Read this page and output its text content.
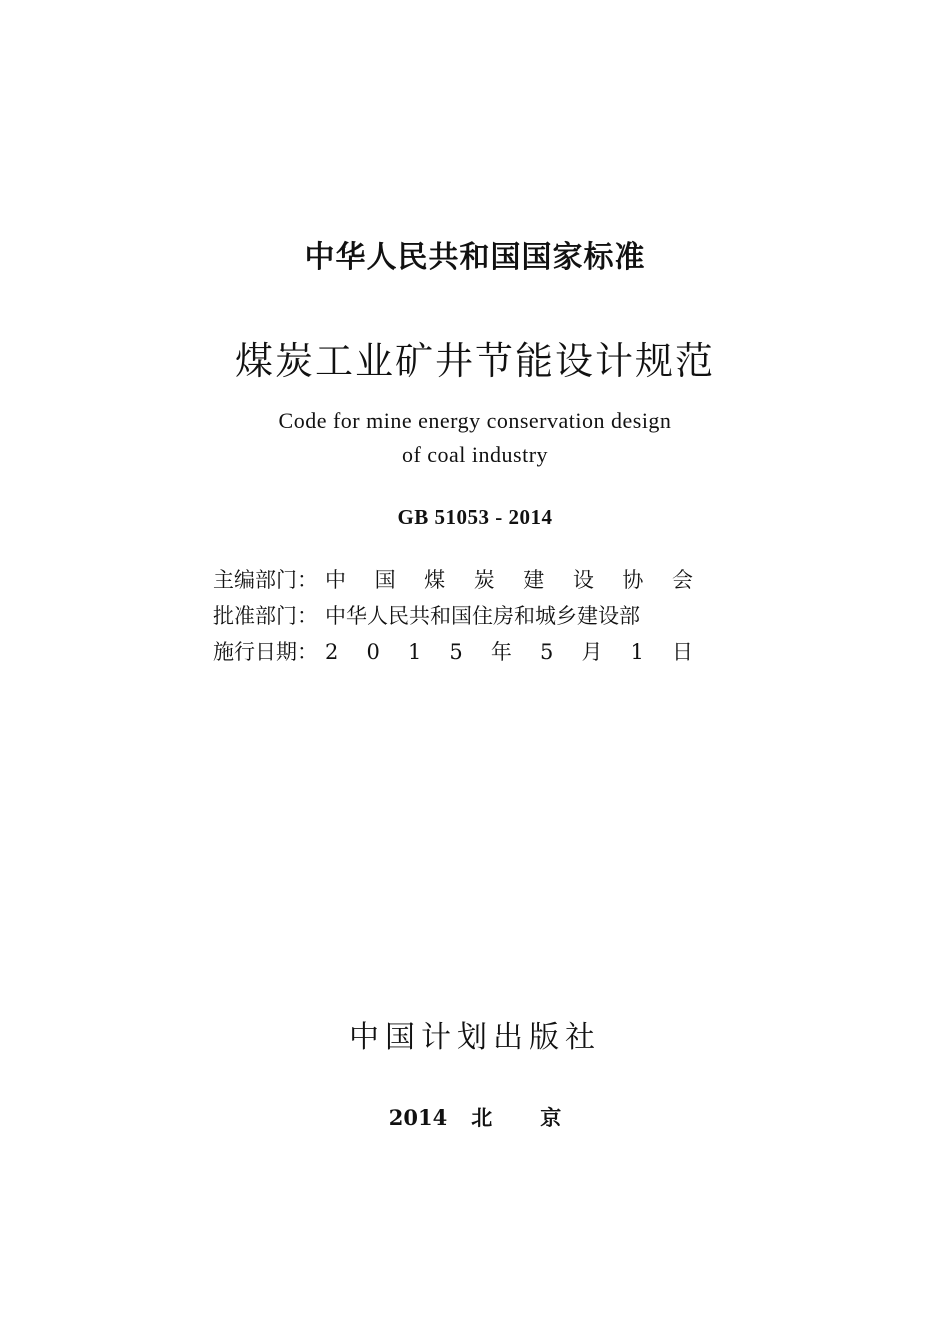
中华人民共和国国家标准
煤炭工业矿井节能设计规范
Code for mine energy conservation design
of coal industry
GB 51053 - 2014
主编部门： 中 国 煤 炭 建 设 协 会
批准部门： 中华人民共和国住房和城乡建设部
施行日期： 2 0 1 5 年 5 月 1 日
中国计划出版社
2014 北 京
